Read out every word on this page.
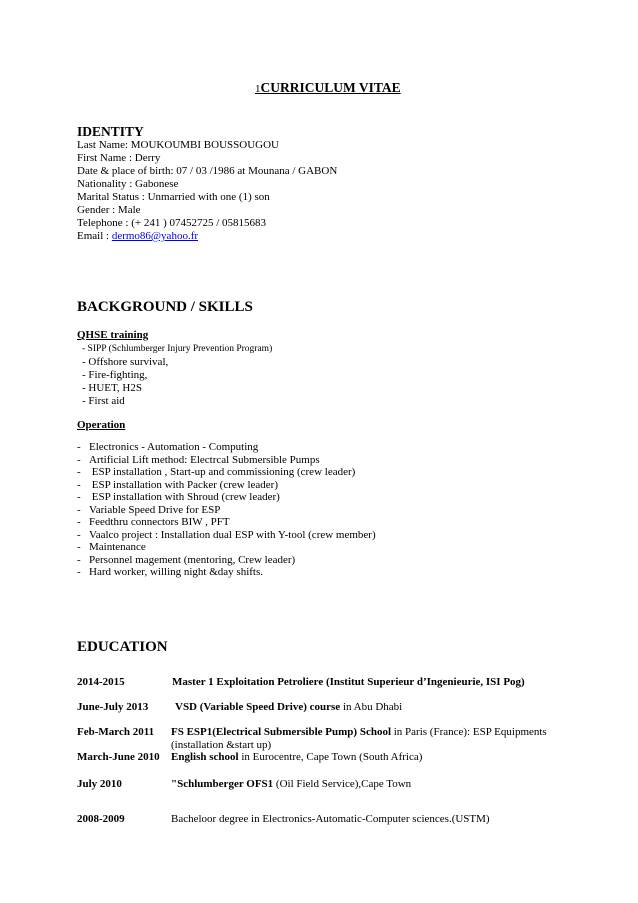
1CURRICULUM VITAE
IDENTITY
Last Name: MOUKOUMBI BOUSSOUGOU
First Name : Derry
Date & place of birth: 07 / 03 /1986 at Mounana / GABON
Nationality : Gabonese
Marital Status : Unmarried with one (1) son
Gender : Male
Telephone : (+ 241 ) 07452725 / 05815683
Email : dermo86@yahoo.fr
BACKGROUND / SKILLS
QHSE training
- SIPP (Schlumberger Injury Prevention Program)
- Offshore survival,
- Fire-fighting,
- HUET, H2S
- First aid
Operation
- Electronics - Automation - Computing
- Artificial Lift method: Electrcal Submersible Pumps
- ESP installation , Start-up and commissioning (crew leader)
- ESP installation with Packer (crew leader)
- ESP installation with Shroud (crew leader)
- Variable Speed Drive for ESP
- Feedthru connectors BIW , PFT
- Vaalco project : Installation dual ESP with Y-tool (crew member)
- Maintenance
- Personnel magement (mentoring, Crew leader)
- Hard worker, willing night &day shifts.
EDUCATION
2014-2015	Master 1 Exploitation Petroliere (Institut Superieur d’Ingenieurie, ISI Pog)
June-July 2013 VSD (Variable Speed Drive) course in Abu Dhabi
Feb-March 2011 FS ESP1(Electrical Submersible Pump) School in Paris (France): ESP Equipments
(installation &start up)
March-June 2010 English school in Eurocentre, Cape Town (South Africa)
July 2010	"Schlumberger OFS1 (Oil Field Service),Cape Town
2008-2009	Bacheloor degree in Electronics-Automatic-Computer sciences.(USTM)
